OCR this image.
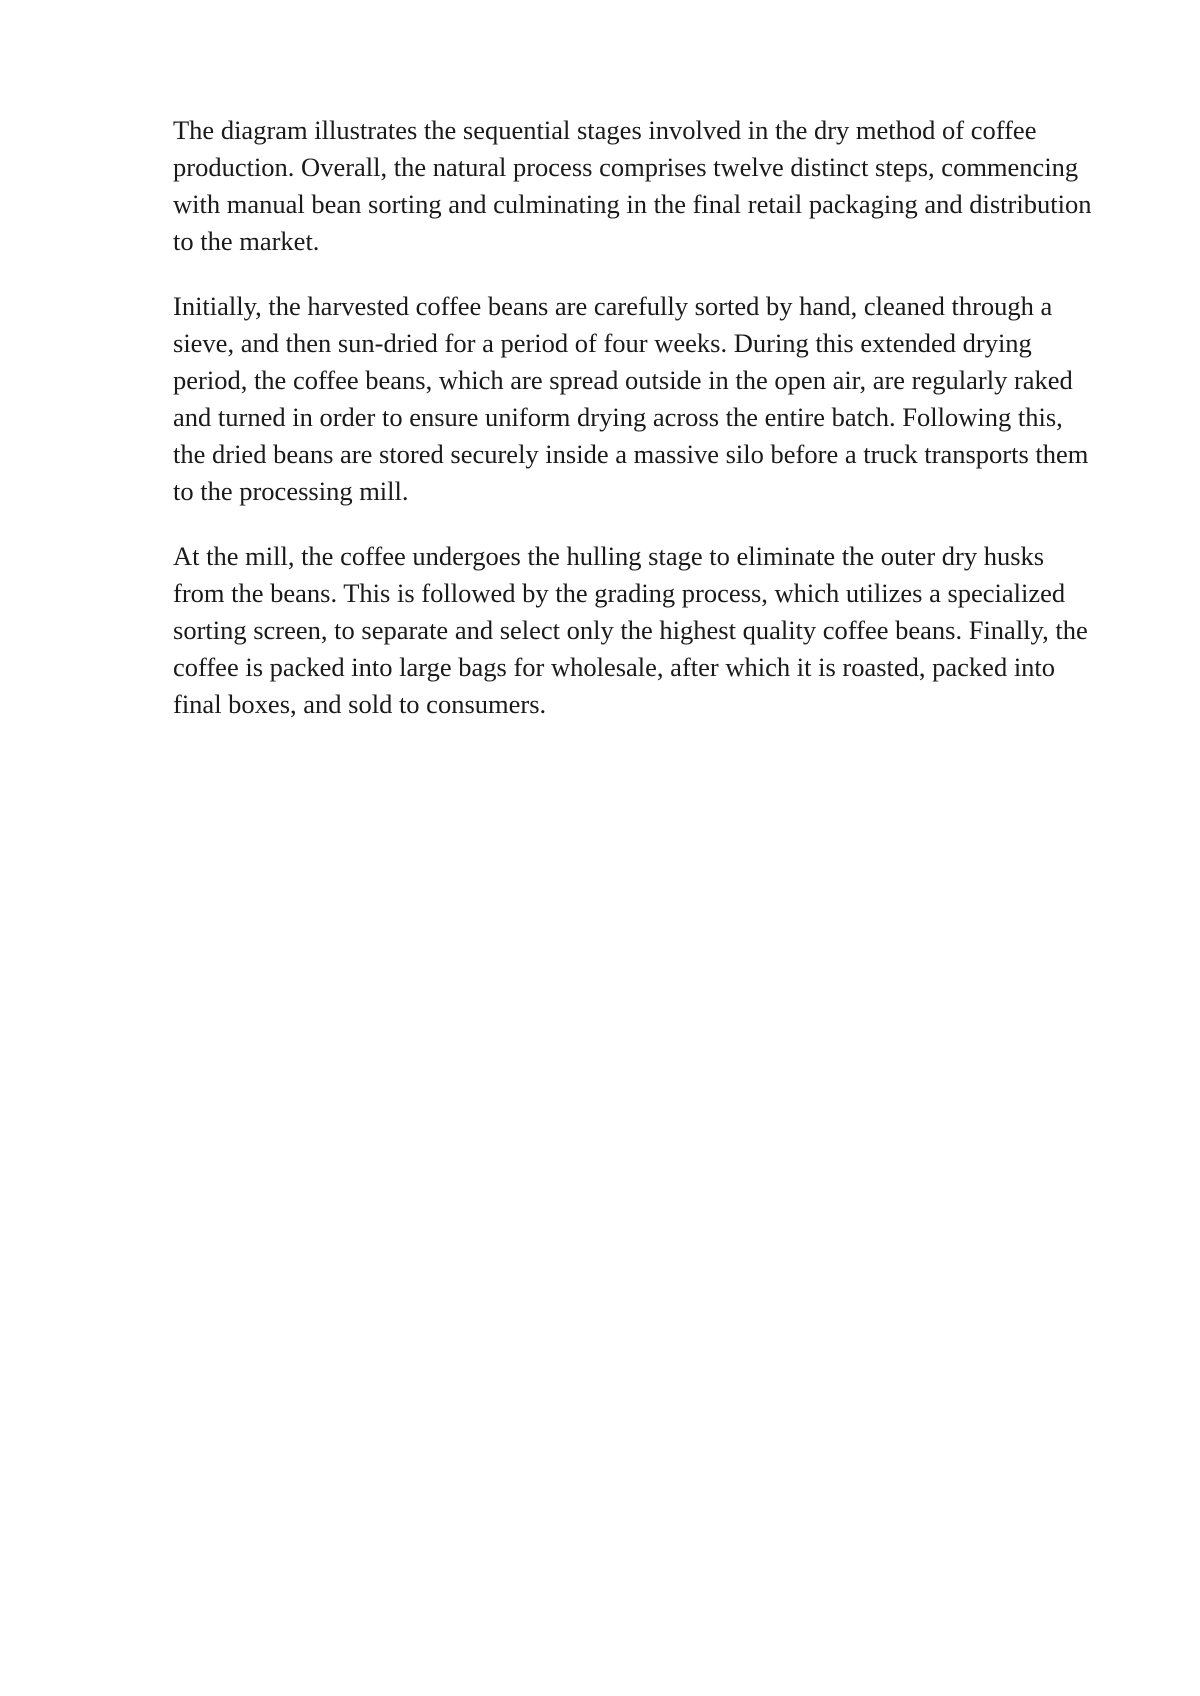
The diagram illustrates the sequential stages involved in the dry method of coffee production. Overall, the natural process comprises twelve distinct steps, commencing with manual bean sorting and culminating in the final retail packaging and distribution to the market.

Initially, the harvested coffee beans are carefully sorted by hand, cleaned through a sieve, and then sun-dried for a period of four weeks. During this extended drying period, the coffee beans, which are spread outside in the open air, are regularly raked and turned in order to ensure uniform drying across the entire batch. Following this, the dried beans are stored securely inside a massive silo before a truck transports them to the processing mill.

At the mill, the coffee undergoes the hulling stage to eliminate the outer dry husks from the beans. This is followed by the grading process, which utilizes a specialized sorting screen, to separate and select only the highest quality coffee beans. Finally, the coffee is packed into large bags for wholesale, after which it is roasted, packed into final boxes, and sold to consumers.
